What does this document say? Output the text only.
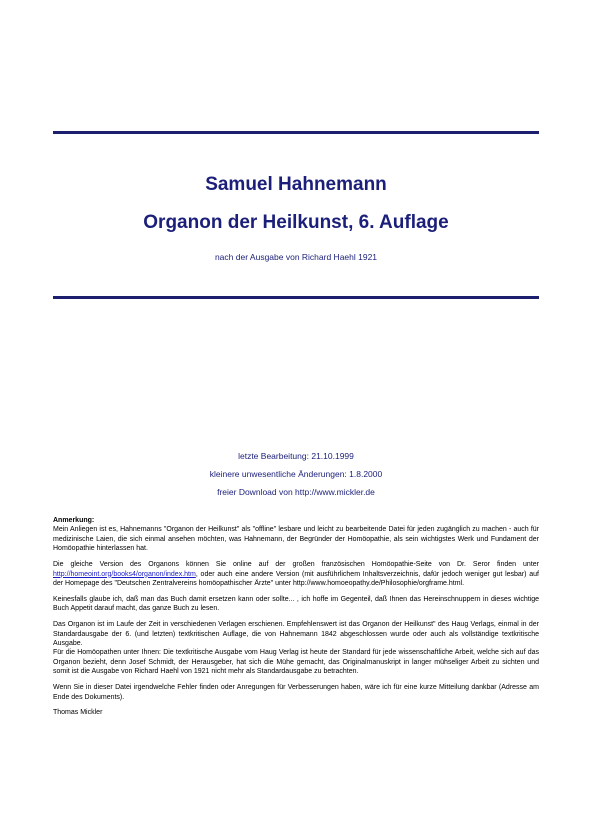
Samuel Hahnemann
Organon der Heilkunst, 6. Auflage
nach der Ausgabe von Richard Haehl 1921
letzte Bearbeitung: 21.10.1999
kleinere unwesentliche Änderungen: 1.8.2000
freier Download von http://www.mickler.de

Anmerkung:

Mein Anliegen ist es, Hahnemanns "Organon der Heilkunst" als "offline" lesbare und leicht zu bearbeitende Datei für jeden zugänglich zu machen - auch für medizinische Laien, die sich einmal ansehen möchten, was Hahnemann, der Begründer der Homöopathie, als sein wichtigstes Werk und Fundament der Homöopathie hinterlassen hat.

Die gleiche Version des Organons können Sie online auf der großen französischen Homöopathie-Seite von Dr. Seror finden unter http://homeoint.org/books4/organon/index.htm, oder auch eine andere Version (mit ausführlichem Inhaltsverzeichnis, dafür jedoch weniger gut lesbar) auf der Homepage des "Deutschen Zentralvereins homöopathischer Ärzte" unter http://www.homoeopathy.de/Philosophie/orgframe.html.

Keinesfalls glaube ich, daß man das Buch damit ersetzen kann oder sollte... , ich hoffe im Gegenteil, daß Ihnen das Hereinschnuppern in dieses wichtige Buch Appetit darauf macht, das ganze Buch zu lesen.

Das Organon ist im Laufe der Zeit in verschiedenen Verlagen erschienen. Empfehlenswert ist das Organon der Heilkunst" des Haug Verlags, einmal in der Standardausgabe der 6. (und letzten) textkritischen Auflage, die von Hahnemann 1842 abgeschlossen wurde oder auch als vollständige textkritische Ausgabe.

Für die Homöopathen unter Ihnen: Die textkritische Ausgabe vom Haug Verlag ist heute der Standard für jede wissenschaftliche Arbeit, welche sich auf das Organon bezieht, denn Josef Schmidt, der Herausgeber, hat sich die Mühe gemacht, das Originalmanuskript in langer mühseliger Arbeit zu sichten und somit ist die Ausgabe von Richard Haehl von 1921 nicht mehr als Standardausgabe zu betrachten.

Wenn Sie in dieser Datei irgendwelche Fehler finden oder Anregungen für Verbesserungen haben, wäre ich für eine kurze Mitteilung dankbar (Adresse am Ende des Dokuments).

Thomas Mickler
